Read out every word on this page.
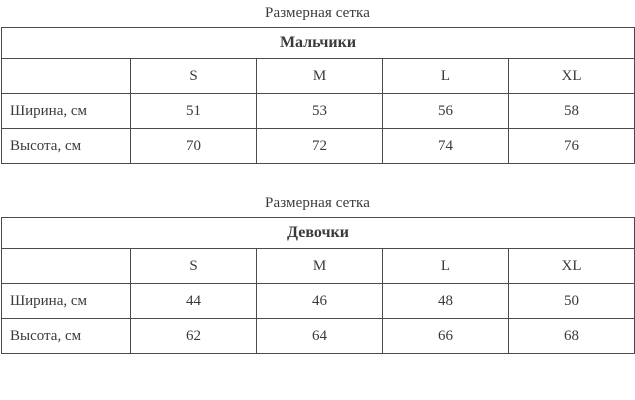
Размерная сетка
Мальчики				
	S	M	L	XL
Ширина, см	51	53	56	58
Высота, см	70	72	74	76
Размерная сетка
Девочки				
	S	M	L	XL
Ширина, см	44	46	48	50
Высота, см	62	64	66	68
